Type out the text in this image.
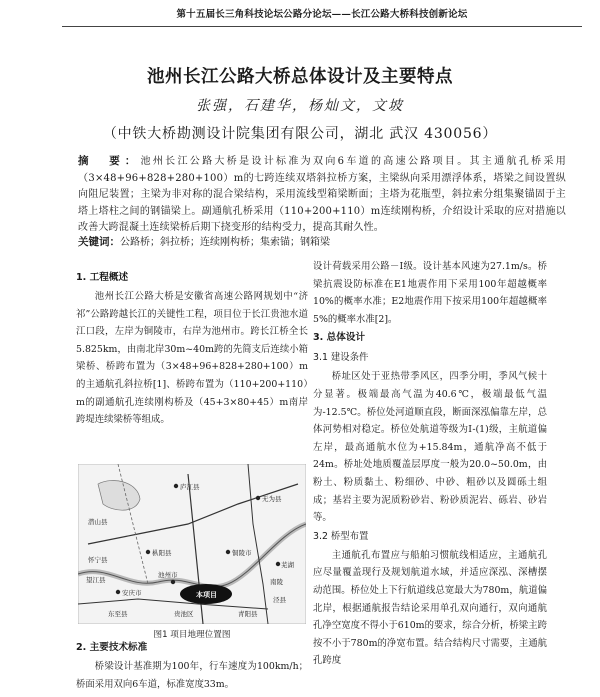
第十五届长三角科技论坛公路分论坛——长江公路大桥科技创新论坛
池州长江公路大桥总体设计及主要特点
张强，石建华，杨灿文，文坡
（中铁大桥勘测设计院集团有限公司，湖北 武汉 430056）
摘　要：池州长江公路大桥是设计标准为双向6车道的高速公路项目。其主通航孔桥采用（3×48+96+828+280+100）m的七跨连续双塔斜拉桥方案，主梁纵向采用漂浮体系，塔梁之间设置纵向阻尼装置；主梁为非对称的混合梁结构，采用流线型箱梁断面；主塔为花瓶型，斜拉索分组集聚锚固于主塔上塔柱之间的钢锚梁上。副通航孔桥采用（110+200+110）m连续刚构桥，介绍设计采取的应对措施以改善大跨混凝土连续梁桥后期下挠变形的结构受力，提高其耐久性。
关键词：公路桥；斜拉桥；连续刚构桥；集索锚；钢箱梁
1. 工程概述
池州长江公路大桥是安徽省高速公路网规划中“济祁”公路跨越长江的关键性工程，项目位于长江贵池水道江口段，左岸为铜陵市，右岸为池州市。跨长江桥全长5.825km，由南北岸30m~40m跨的先简支后连续小箱梁桥、桥跨布置为（3×48+96+828+280+100）m的主通航孔斜拉桥[1]、桥跨布置为（110+200+110）m的副通航孔连续刚构桥及（45+3×80+45）m南岸跨堤连续梁桥等组成。
庐江县
无为县
枞阳县	铜陵市
池州市
安庆市	本项目
贵池区
东至县	青阳县
芜湖
潜山县
怀宁县
望江县
泾县
南陵
图1 项目地理位置图
2. 主要技术标准
桥梁设计基准期为100年，行车速度为100km/h；桥面采用双向6车道，标准宽度33m。
设计荷载采用公路－Ⅰ级。设计基本风速为27.1m/s。桥梁抗震设防标准在E1地震作用下采用100年超越概率10%的概率水准；E2地震作用下按采用100年超越概率5%的概率水准[2]。
3. 总体设计
3.1 建设条件
桥址区处于亚热带季风区，四季分明，季风气候十分显著。极端最高气温为40.6℃，极端最低气温为-12.5℃。桥位处河道顺直段，断面深泓偏靠左岸，总体河势相对稳定。桥位处航道等级为Ⅰ-(1)级，主航道偏左岸，最高通航水位为+15.84m，通航净高不低于24m。桥址处地质覆盖层厚度一般为20.0~50.0m，由粉土、粉质黏土、粉细砂、中砂、粗砂以及圆砾土组成；基岩主要为泥质粉砂岩、粉砂质泥岩、砾岩、砂岩等。
3.2 桥型布置
主通航孔布置应与船舶习惯航线相适应，主通航孔应尽量覆盖现行及规划航道水域，并适应深泓、深槽摆动范围。桥位处上下行航道线总宽最大为780m，航道偏北岸，根据通航报告结论采用单孔双向通行，双向通航孔净空宽度不得小于610m的要求，综合分析，桥梁主跨按不小于780m的净宽布置。结合结构尺寸需要，主通航孔跨度
